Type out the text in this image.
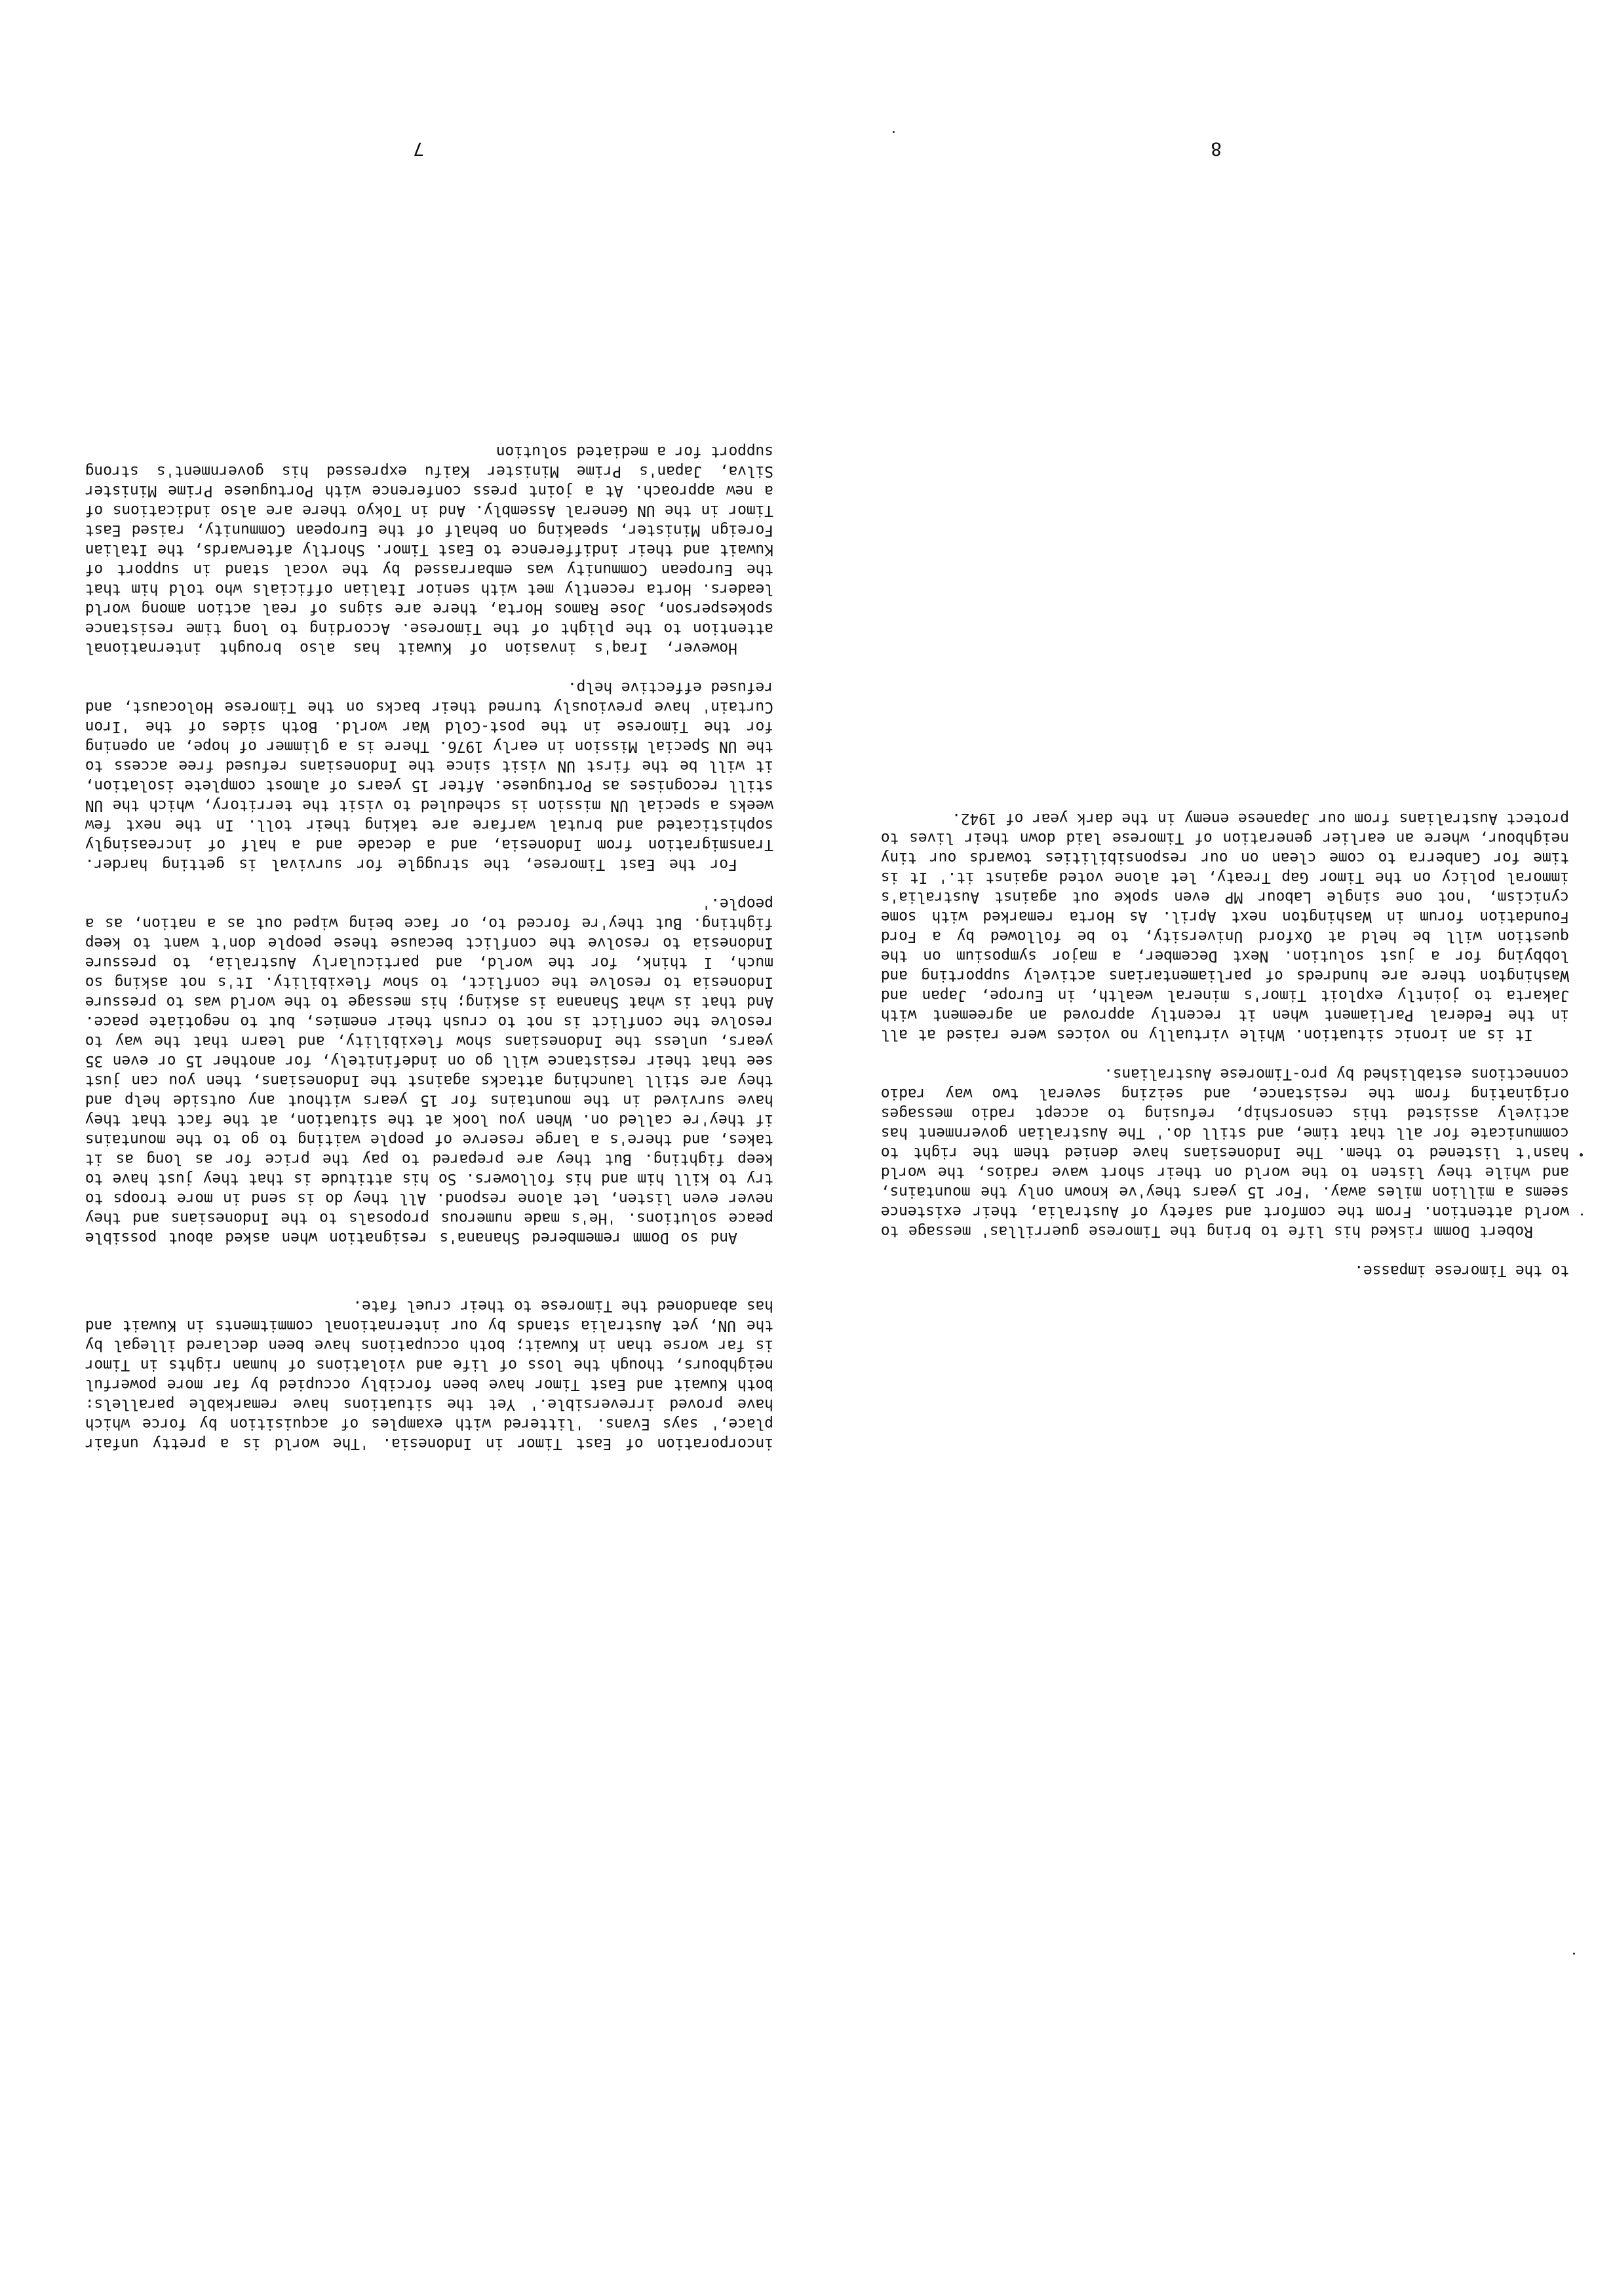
to the Timorese impasse.

Robert Domm risked his life to bring the Timorese guerrillas' message to world attention. From the comfort and safety of Australia, their existence seems a million miles away. 'For 15 years they've known only the mountains, and while they listen to the world on their short wave radios, the world hasn't listened to them. The Indonesians have denied them the right to communicate for all that time, and still do.' The Australian government has actively assisted this censorship, refusing to accept radio messages originating from the resistance, and seizing several two way radio connections established by pro-Timorese Australians.

It is an ironic situation. While virtually no voices were raised at all in the Federal Parliament when it recently approved an agreement with Jakarta to jointly exploit Timor's mineral wealth, in Europe, Japan and Washington there are hundreds of parliamentarians actively supporting and lobbying for a just solution. Next December, a major symposium on the question will be held at Oxford University, to be followed by a Ford Foundation forum in Washington next April. As Horta remarked with some cynicism, 'not one single Labour MP even spoke out against Australia's immoral policy on the Timor Gap Treaty, let alone voted against it.' It is time for Canberra to come clean on our responsibilities towards our tiny neighbour, where an earlier generation of Timorese laid down their lives to protect Australians from our Japanese enemy in the dark year of 1942.

8

And so Domm remembered Shanana's resignation when asked about possible peace solutions. 'He's made numerous proposals to the Indonesians and they never even listen, let alone respond. All they do is send in more troops to try to kill him and his followers. So his attitude is that they just have to keep fighting. But they are prepared to pay the price for as long as it takes, and there's a large reserve of people waiting to go to the mountains if they're called on. When you look at the situation, at the fact that they have survived in the mountains for 15 years without any outside help and they are still launching attacks against the Indonesians, then you can just see that their resistance will go on indefinitely, for another 15 or even 35 years, unless the Indonesians show flexibility, and learn that the way to resolve the conflict is not to crush their enemies, but to negotiate peace. And that is what Shanana is asking; his message to the world was to pressure Indonesia to resolve the conflict, to show flexibility. It's not asking so much, I think, for the world, and particularly Australia, to pressure Indonesia to resolve the conflict because these people don't want to keep fighting. But they're forced to, or face being wiped out as a nation, as a people.'

For the East Timorese, the struggle for survival is getting harder. Transmigration from Indonesia, and a decade and a half of increasingly sophisticated and brutal warfare are taking their toll. In the next few weeks a special UN mission is scheduled to visit the territory, which the UN still recognises as Portuguese. After 15 years of almost complete isolation, it will be the first UN visit since the Indonesians refused free access to the UN Special Mission in early 1976. There is a glimmer of hope, an opening for the Timorese in the post-Cold War world. Both sides of the 'Iron Curtain' have previously turned their backs on the Timorese Holocaust, and refused effective help.

However, Iraq's invasion of Kuwait has also brought international attention to the plight of the Timorese. According to long time resistance spokesperson, Jose Ramos Horta, there are signs of real action among world leaders. Horta recently met with senior Italian officials who told him that the European Community was embarrassed by the vocal stand in support of Kuwait and their indifference to East Timor. Shortly afterwards, the Italian Foreign Minister, speaking on behalf of the European Community, raised East Timor in the UN General Assembly. And in Tokyo there are also indications of a new approach. At a joint press conference with Portuguese Prime Minister Silva, Japan's Prime Minister Kaifu expressed his government's strong support for a mediated solution

incorporation of East Timor in Indonesia. 'The world is a pretty unfair place,' says Evans. 'littered with examples of acquisition by force which have proved irreversible.' Yet the situations have remarkable parallels: both Kuwait and East Timor have been forcibly occupied by far more powerful neighbours, though the loss of life and violations of human rights in Timor is far worse than in Kuwait; both occupations have been declared illegal by the UN, yet Australia stands by our international commitments in Kuwait and has abandoned the Timorese to their cruel fate.

7
